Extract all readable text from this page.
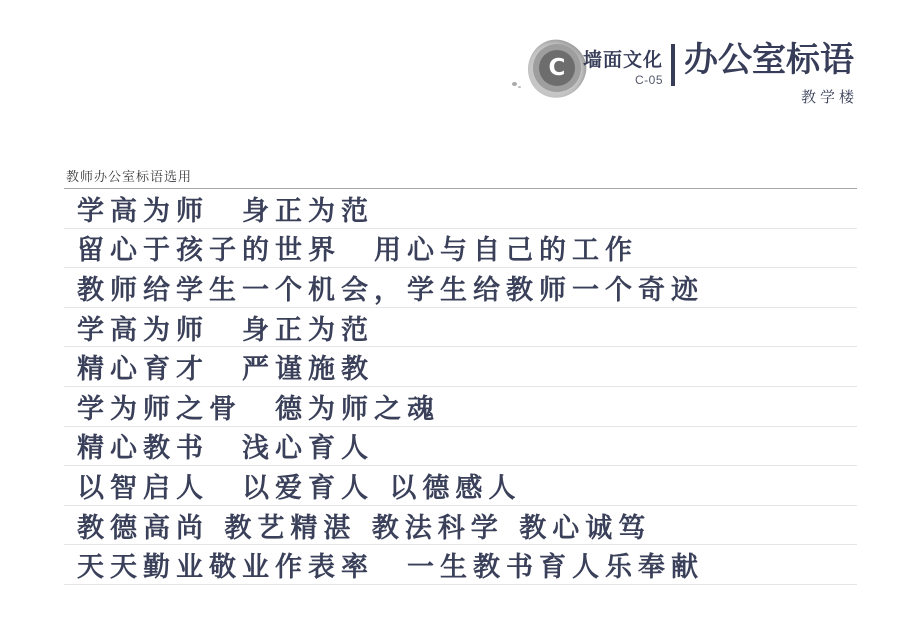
C 墙面文化
C-05
办公室标语
教学楼
教师办公室标语选用
学高为师　身正为范
留心于孩子的世界　用心与自己的工作
教师给学生一个机会，学生给教师一个奇迹
学高为师　身正为范
精心育才　严谨施教
学为师之骨　德为师之魂
精心教书　浅心育人
以智启人　以爱育人 以德感人
教德高尚 教艺精湛 教法科学 教心诚笃
天天勤业敬业作表率　一生教书育人乐奉献
